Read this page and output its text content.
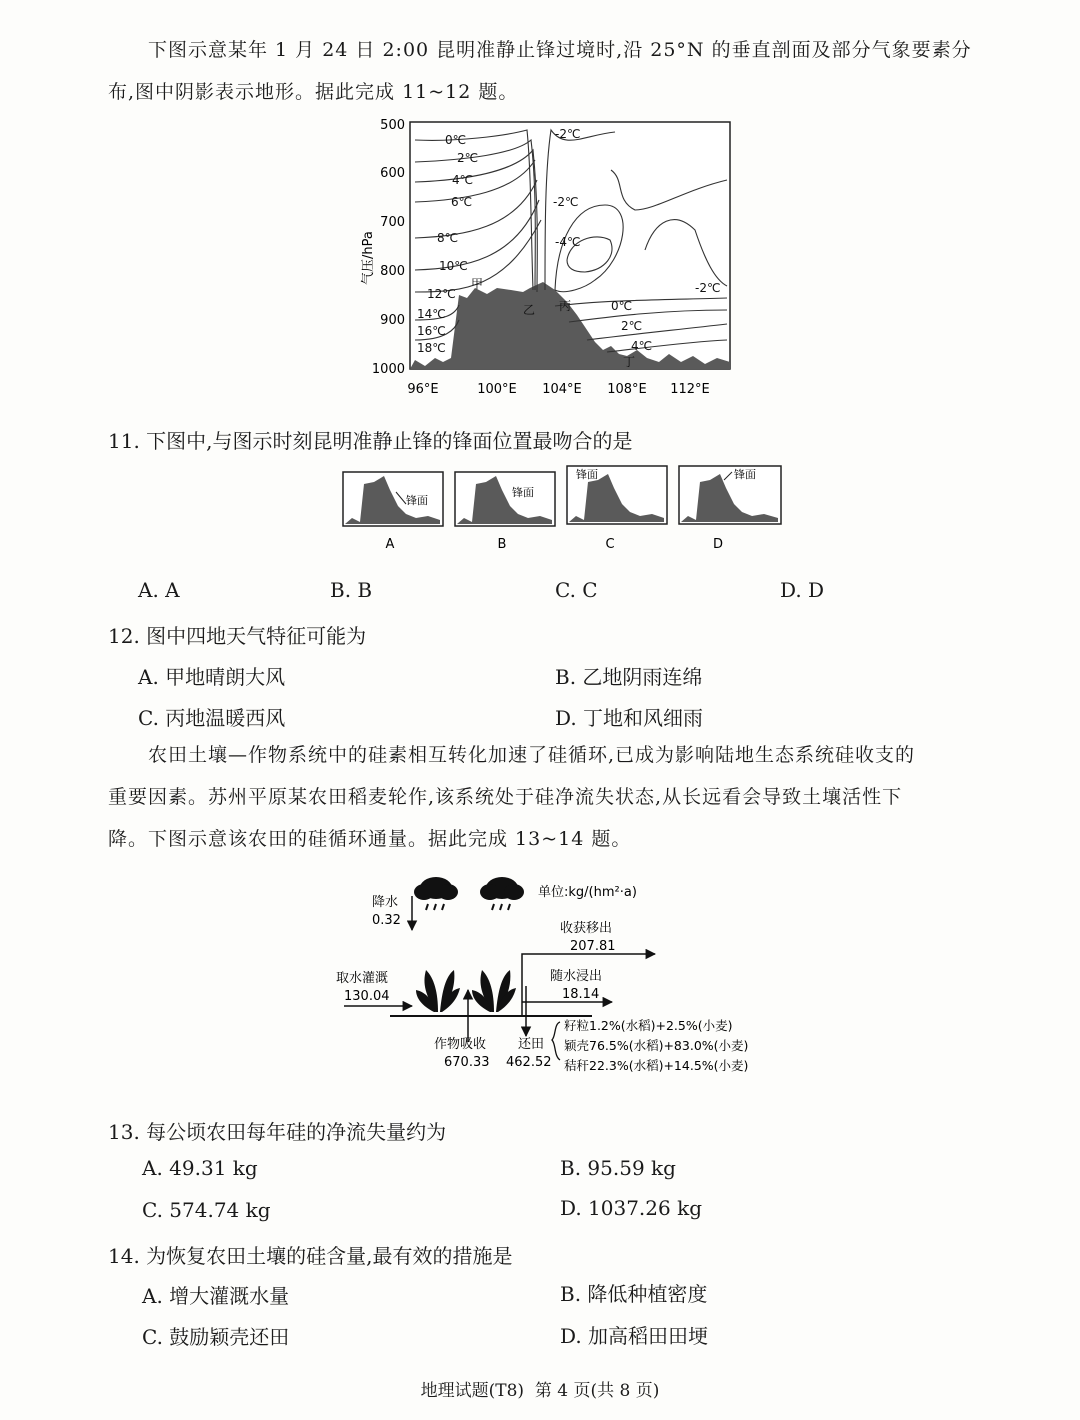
下图示意某年 1 月 24 日 2:00 昆明准静止锋过境时,沿 25°N 的垂直剖面及部分气象要素分
布,图中阴影表示地形。据此完成 11~12 题。
500
600
700
800
900
1000
气压/hPa
96°E	100°E 104°E 108°E 112°E
0℃	-2℃
2℃
4℃
-2℃
6℃
-4℃
8℃
10℃
-2℃
12℃
0℃
14℃
2℃
16℃
4℃
18℃
甲
乙 丙
丁
11. 下图中,与图示时刻昆明准静止锋的锋面位置最吻合的是
锋面
A
锋面
B
锋面
C
锋面
D
A. A	B. B	C. C	D. D
12. 图中四地天气特征可能为
A. 甲地晴朗大风	B. 乙地阴雨连绵
C. 丙地温暖西风	D. 丁地和风细雨
农田土壤—作物系统中的硅素相互转化加速了硅循环,已成为影响陆地生态系统硅收支的
重要因素。苏州平原某农田稻麦轮作,该系统处于硅净流失状态,从长远看会导致土壤活性下
降。下图示意该农田的硅循环通量。据此完成 13~14 题。
单位:kg/(hm²·a)
降水
0.32
收获移出
207.81
随水浸出
18.14
取水灌溉
130.04
作物吸收
670.33
还田
462.52
籽粒1.2%(水稻)+2.5%(小麦)
颖壳76.5%(水稻)+83.0%(小麦)
秸秆22.3%(水稻)+14.5%(小麦)
13. 每公顷农田每年硅的净流失量约为
A. 49.31 kg	B. 95.59 kg
C. 574.74 kg	D. 1037.26 kg
14. 为恢复农田土壤的硅含量,最有效的措施是
A. 增大灌溉水量	B. 降低种植密度
C. 鼓励颖壳还田	D. 加高稻田田埂
地理试题(T8)  第 4 页(共 8 页)
